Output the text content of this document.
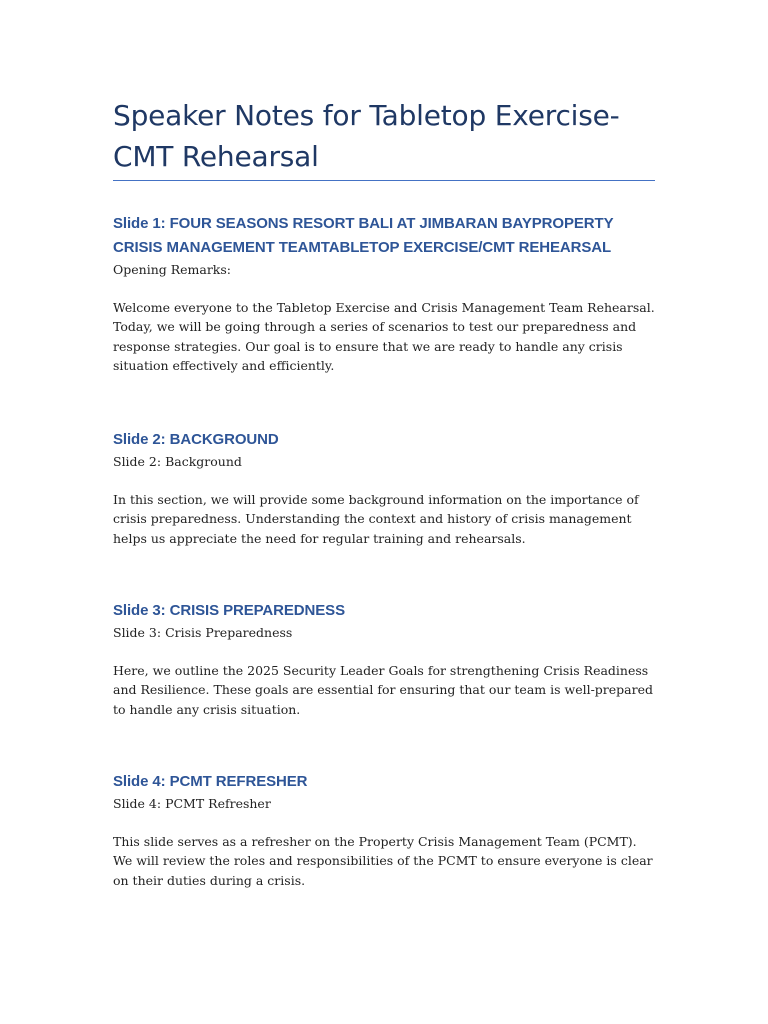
Speaker Notes for Tabletop Exercise-CMT Rehearsal
Slide 1: FOUR SEASONS RESORT BALI AT JIMBARAN BAYPROPERTY CRISIS MANAGEMENT TEAMTABLETOP EXERCISE/CMT REHEARSAL

Opening Remarks:

Welcome everyone to the Tabletop Exercise and Crisis Management Team Rehearsal. Today, we will be going through a series of scenarios to test our preparedness and response strategies. Our goal is to ensure that we are ready to handle any crisis situation effectively and efficiently.

Slide 2: BACKGROUND

Slide 2: Background

In this section, we will provide some background information on the importance of crisis preparedness. Understanding the context and history of crisis management helps us appreciate the need for regular training and rehearsals.

Slide 3: CRISIS PREPAREDNESS

Slide 3: Crisis Preparedness

Here, we outline the 2025 Security Leader Goals for strengthening Crisis Readiness and Resilience. These goals are essential for ensuring that our team is well-prepared to handle any crisis situation.

Slide 4: PCMT REFRESHER

Slide 4: PCMT Refresher

This slide serves as a refresher on the Property Crisis Management Team (PCMT). We will review the roles and responsibilities of the PCMT to ensure everyone is clear on their duties during a crisis.
